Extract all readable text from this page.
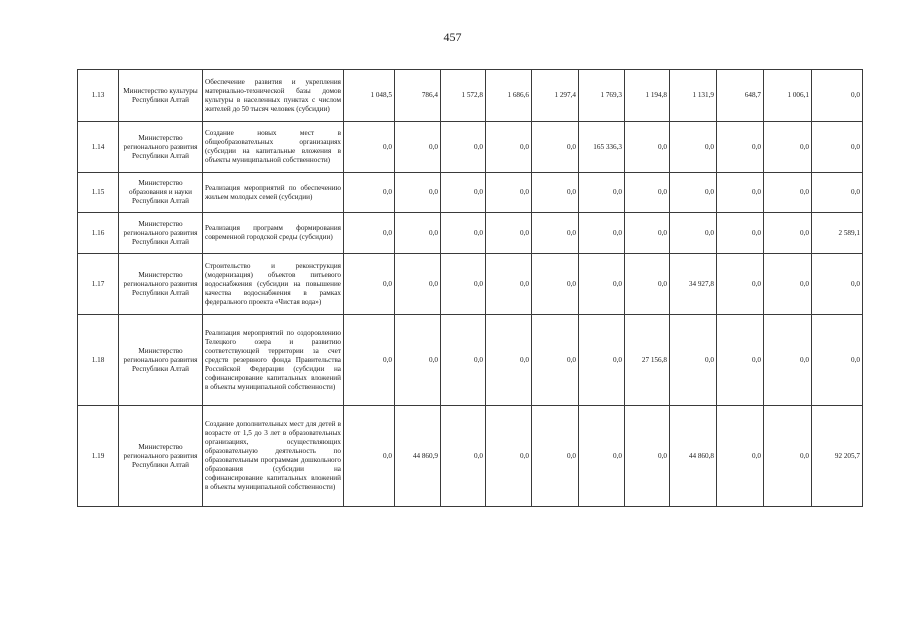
457
1.13	Министерство культуры Республики Алтай	Обеспечение развития и укрепления материально-технической базы домов культуры в населенных пунктах с числом жителей до 50 тысяч человек (субсидии)	1 048,5	786,4	1 572,8	1 686,6	1 297,4	1 769,3	1 194,8	1 131,9	648,7	1 006,1	0,0
1.14	Министерство регионального развития Республики Алтай	Создание новых мест в общеобразовательных организациях (субсидии на капитальные вложения в объекты муниципальной собственности)	0,0	0,0	0,0	0,0	0,0	165 336,3	0,0	0,0	0,0	0,0	0,0
1.15	Министерство образования и науки Республики Алтай	Реализация мероприятий по обеспечению жильем молодых семей (субсидии)	0,0	0,0	0,0	0,0	0,0	0,0	0,0	0,0	0,0	0,0	0,0
1.16	Министерство регионального развития Республики Алтай	Реализация программ формирования современной городской среды (субсидии)	0,0	0,0	0,0	0,0	0,0	0,0	0,0	0,0	0,0	0,0	2 589,1
1.17	Министерство регионального развития Республики Алтай	Строительство и реконструкция (модернизация) объектов питьевого водоснабжения (субсидии на повышение качества водоснабжения в рамках федерального проекта «Чистая вода»)	0,0	0,0	0,0	0,0	0,0	0,0	0,0	34 927,8	0,0	0,0	0,0
1.18	Министерство регионального развития Республики Алтай	Реализация мероприятий по оздоровлению Телецкого озера и развитию соответствующей территории за счет средств резервного фонда Правительства Российской Федерации (субсидии на софинансирование капитальных вложений в объекты муниципальной собственности)	0,0	0,0	0,0	0,0	0,0	0,0	27 156,8	0,0	0,0	0,0	0,0
1.19	Министерство регионального развития Республики Алтай	Создание дополнительных мест для детей в возрасте от 1,5 до 3 лет в образовательных организациях, осуществляющих образовательную деятельность по образовательным программам дошкольного образования (субсидии на софинансирование капитальных вложений в объекты муниципальной собственности)	0,0	44 860,9	0,0	0,0	0,0	0,0	0,0	44 860,8	0,0	0,0	92 205,7
